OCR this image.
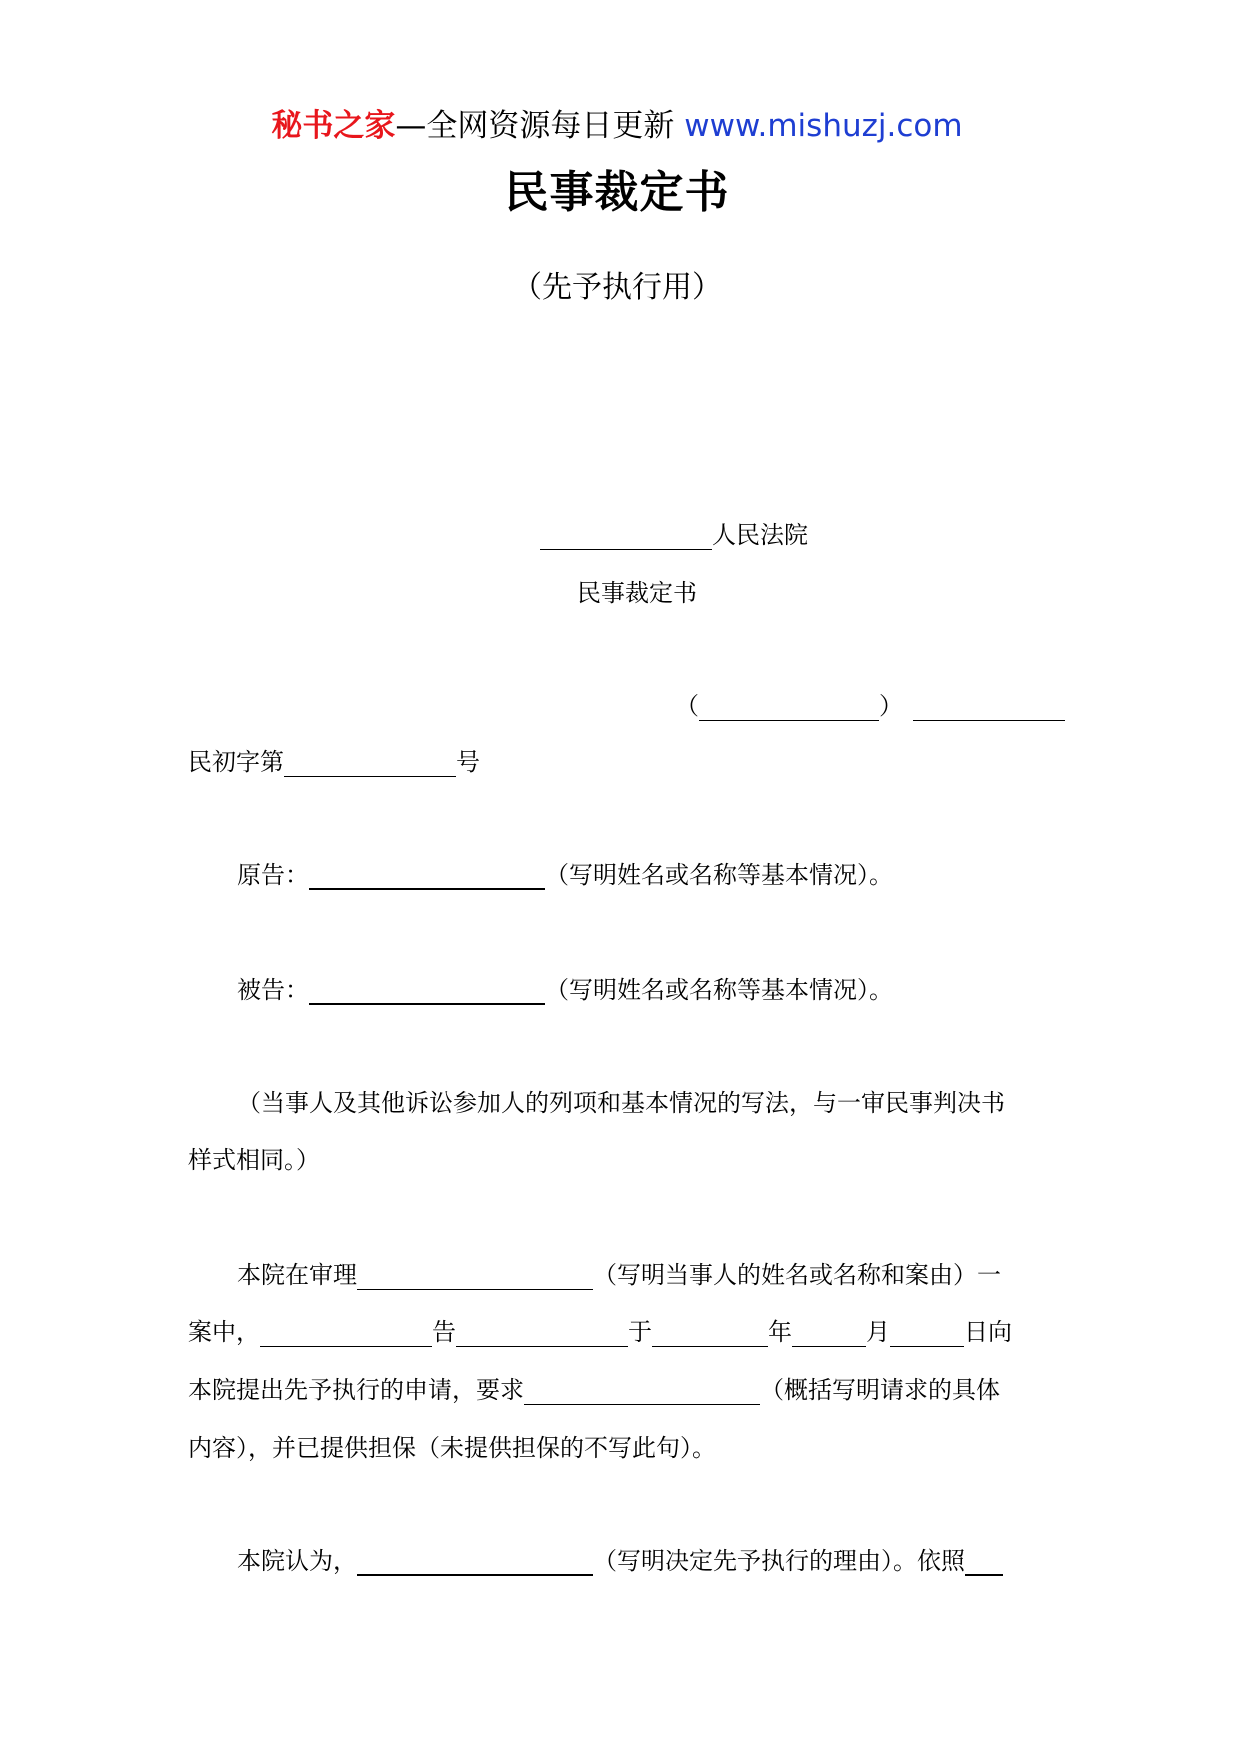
秘书之家—全网资源每日更新 www.mishuzj.com
民事裁定书
（先予执行用）
人民法院
民事裁定书
（	）
民初字第	号
原告：	（写明姓名或名称等基本情况）。
被告：	（写明姓名或名称等基本情况）。
（当事人及其他诉讼参加人的列项和基本情况的写法，与一审民事判决书
样式相同。）
本院在审理	（写明当事人的姓名或名称和案由）一
案中，	告	于	年	月	日向
本院提出先予执行的申请，要求	（概括写明请求的具体
内容），并已提供担保（未提供担保的不写此句）。
本院认为，	（写明决定先予执行的理由）。依照
